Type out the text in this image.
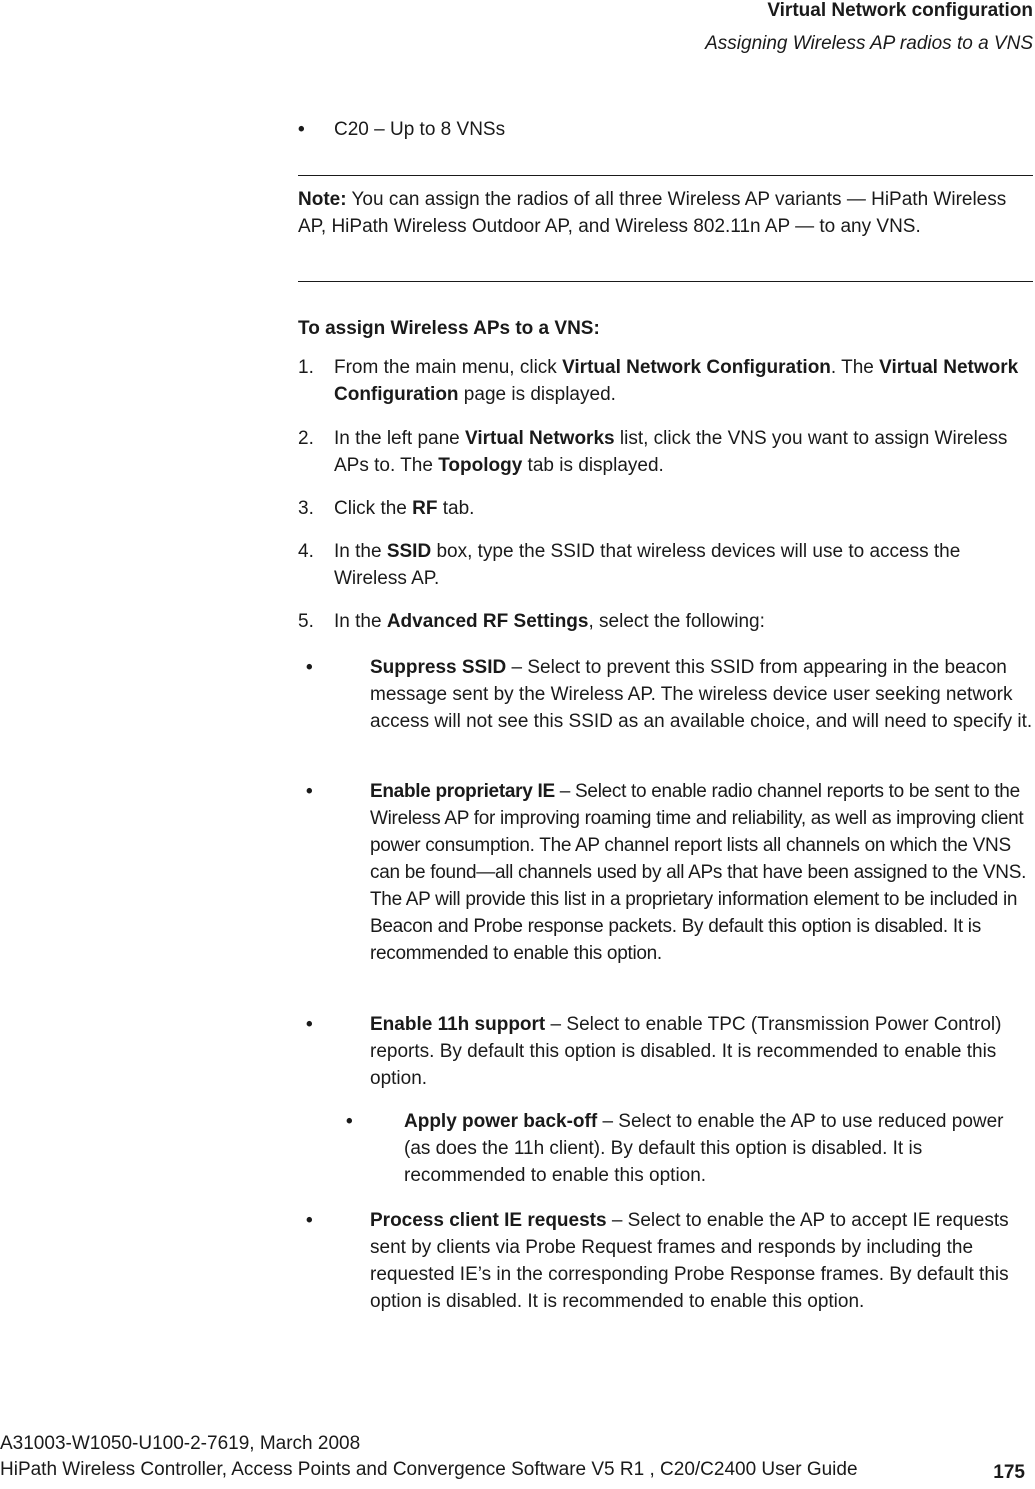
Virtual Network configuration
Assigning Wireless AP radios to a VNS
• C20 – Up to 8 VNSs
Note: You can assign the radios of all three Wireless AP variants — HiPath Wireless AP, HiPath Wireless Outdoor AP, and Wireless 802.11n AP — to any VNS.
To assign Wireless APs to a VNS:
1. From the main menu, click Virtual Network Configuration. The Virtual Network Configuration page is displayed.
2. In the left pane Virtual Networks list, click the VNS you want to assign Wireless APs to. The Topology tab is displayed.
3. Click the RF tab.
4. In the SSID box, type the SSID that wireless devices will use to access the Wireless AP.
5. In the Advanced RF Settings, select the following:
•	Suppress SSID – Select to prevent this SSID from appearing in the beacon message sent by the Wireless AP. The wireless device user seeking network access will not see this SSID as an available choice, and will need to specify it.
•	Enable proprietary IE – Select to enable radio channel reports to be sent to the Wireless AP for improving roaming time and reliability, as well as improving client power consumption. The AP channel report lists all channels on which the VNS can be found—all channels used by all APs that have been assigned to the VNS. The AP will provide this list in a proprietary information element to be included in Beacon and Probe response packets. By default this option is disabled. It is recommended to enable this option.
•	Enable 11h support – Select to enable TPC (Transmission Power Control) reports. By default this option is disabled. It is recommended to enable this option.
•	Apply power back-off – Select to enable the AP to use reduced power (as does the 11h client). By default this option is disabled. It is recommended to enable this option.
•	Process client IE requests – Select to enable the AP to accept IE requests sent by clients via Probe Request frames and responds by including the requested IE’s in the corresponding Probe Response frames. By default this option is disabled. It is recommended to enable this option.
A31003-W1050-U100-2-7619, March 2008
HiPath Wireless Controller, Access Points and Convergence Software V5 R1 , C20/C2400 User Guide	175
